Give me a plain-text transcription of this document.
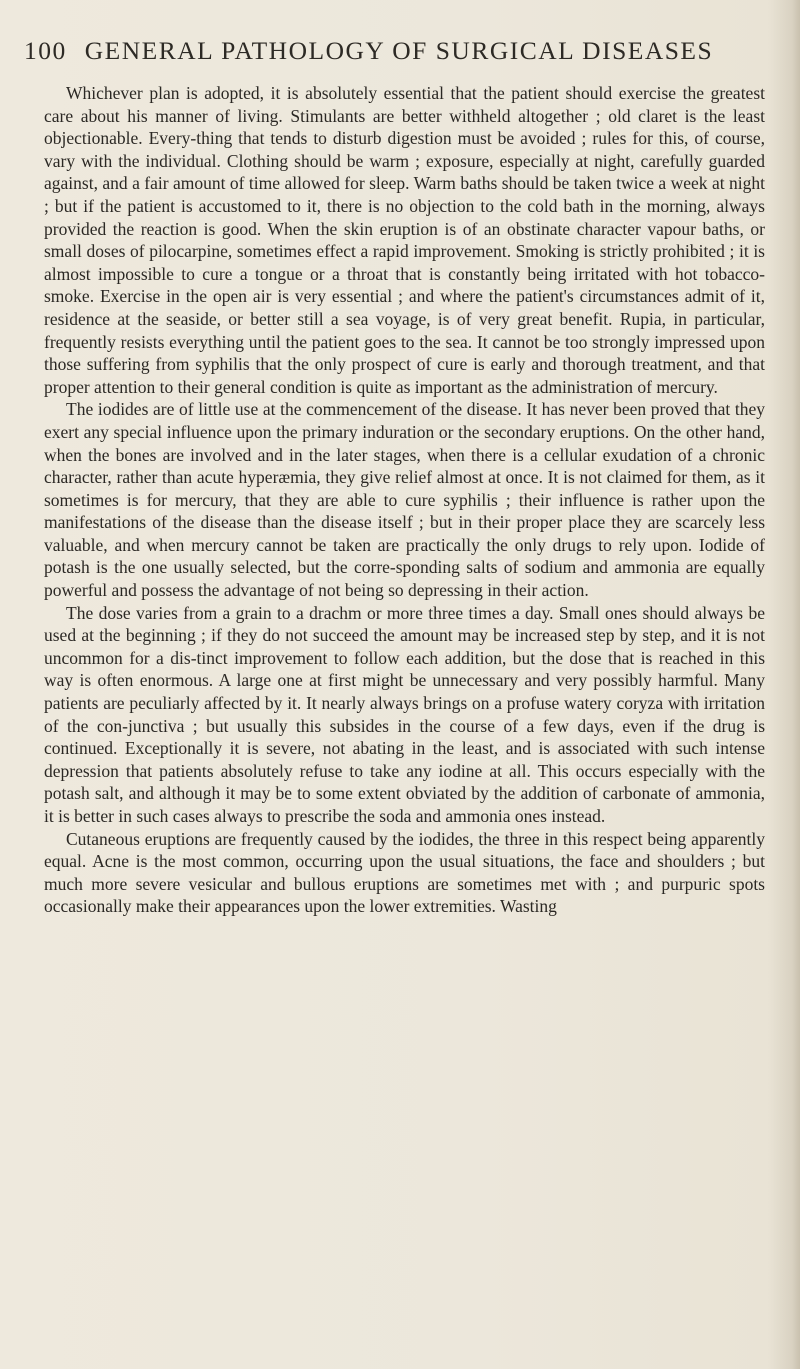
100 GENERAL PATHOLOGY OF SURGICAL DISEASES

Whichever plan is adopted, it is absolutely essential that the patient should exercise the greatest care about his manner of living. Stimulants are better withheld altogether ; old claret is the least objectionable. Every-thing that tends to disturb digestion must be avoided ; rules for this, of course, vary with the individual. Clothing should be warm ; exposure, especially at night, carefully guarded against, and a fair amount of time allowed for sleep. Warm baths should be taken twice a week at night ; but if the patient is accustomed to it, there is no objection to the cold bath in the morning, always provided the reaction is good. When the skin eruption is of an obstinate character vapour baths, or small doses of pilocarpine, sometimes effect a rapid improvement. Smoking is strictly prohibited ; it is almost impossible to cure a tongue or a throat that is constantly being irritated with hot tobacco-smoke. Exercise in the open air is very essential ; and where the patient's circumstances admit of it, residence at the seaside, or better still a sea voyage, is of very great benefit. Rupia, in particular, frequently resists everything until the patient goes to the sea. It cannot be too strongly impressed upon those suffering from syphilis that the only prospect of cure is early and thorough treatment, and that proper attention to their general condition is quite as important as the administration of mercury.

The iodides are of little use at the commencement of the disease. It has never been proved that they exert any special influence upon the primary induration or the secondary eruptions. On the other hand, when the bones are involved and in the later stages, when there is a cellular exudation of a chronic character, rather than acute hyperæmia, they give relief almost at once. It is not claimed for them, as it sometimes is for mercury, that they are able to cure syphilis ; their influence is rather upon the manifestations of the disease than the disease itself ; but in their proper place they are scarcely less valuable, and when mercury cannot be taken are practically the only drugs to rely upon. Iodide of potash is the one usually selected, but the corre-sponding salts of sodium and ammonia are equally powerful and possess the advantage of not being so depressing in their action.

The dose varies from a grain to a drachm or more three times a day. Small ones should always be used at the beginning ; if they do not succeed the amount may be increased step by step, and it is not uncommon for a dis-tinct improvement to follow each addition, but the dose that is reached in this way is often enormous. A large one at first might be unnecessary and very possibly harmful. Many patients are peculiarly affected by it. It nearly always brings on a profuse watery coryza with irritation of the con-junctiva ; but usually this subsides in the course of a few days, even if the drug is continued. Exceptionally it is severe, not abating in the least, and is associated with such intense depression that patients absolutely refuse to take any iodine at all. This occurs especially with the potash salt, and although it may be to some extent obviated by the addition of carbonate of ammonia, it is better in such cases always to prescribe the soda and ammonia ones instead.

Cutaneous eruptions are frequently caused by the iodides, the three in this respect being apparently equal. Acne is the most common, occurring upon the usual situations, the face and shoulders ; but much more severe vesicular and bullous eruptions are sometimes met with ; and purpuric spots occasionally make their appearances upon the lower extremities. Wasting
